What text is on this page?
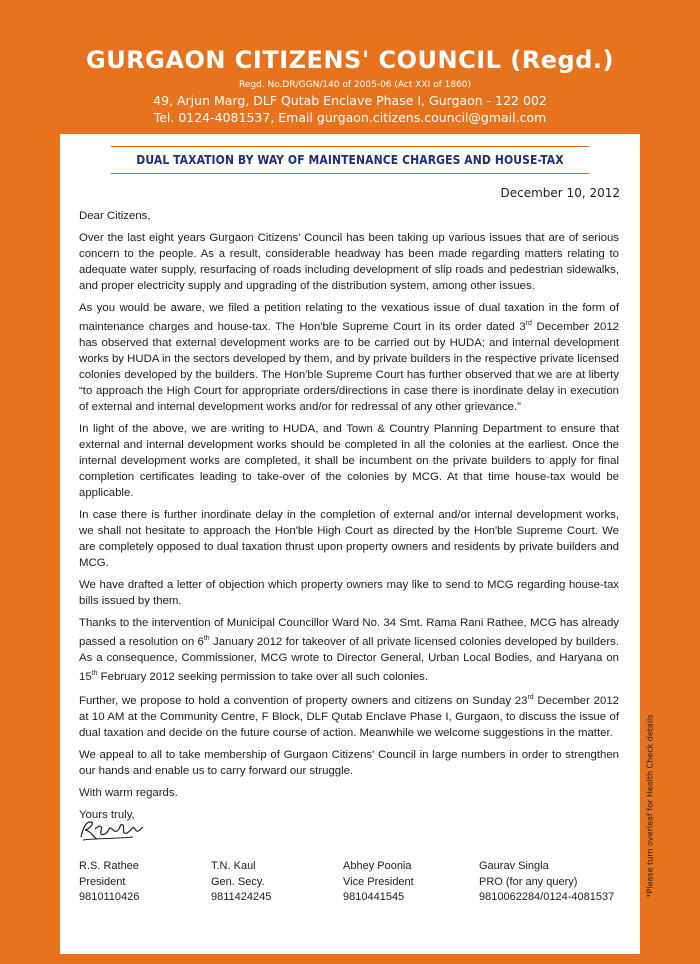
GURGAON CITIZENS' COUNCIL (Regd.)
Regd. No.DR/GGN/140 of 2005-06 (Act XXI of 1860)
49, Arjun Marg, DLF Qutab Enclave Phase I, Gurgaon - 122 002
Tel. 0124-4081537, Email gurgaon.citizens.council@gmail.com
DUAL TAXATION BY WAY OF MAINTENANCE CHARGES AND HOUSE-TAX
December 10, 2012

Dear Citizens,

Over the last eight years Gurgaon Citizens' Council has been taking up various issues that are of serious concern to the people. As a result, considerable headway has been made regarding matters relating to adequate water supply, resurfacing of roads including development of slip roads and pedestrian sidewalks, and proper electricity supply and upgrading of the distribution system, among other issues.

As you would be aware, we filed a petition relating to the vexatious issue of dual taxation in the form of maintenance charges and house-tax. The Hon'ble Supreme Court in its order dated 3rd December 2012 has observed that external development works are to be carried out by HUDA; and internal development works by HUDA in the sectors developed by them, and by private builders in the respective private licensed colonies developed by the builders. The Hon'ble Supreme Court has further observed that we are at liberty “to approach the High Court for appropriate orders/directions in case there is inordinate delay in execution of external and internal development works and/or for redressal of any other grievance.”

In light of the above, we are writing to HUDA, and Town & Country Planning Department to ensure that external and internal development works should be completed in all the colonies at the earliest. Once the internal development works are completed, it shall be incumbent on the private builders to apply for final completion certificates leading to take-over of the colonies by MCG. At that time house-tax would be applicable.

In case there is further inordinate delay in the completion of external and/or internal development works, we shall not hesitate to approach the Hon'ble High Court as directed by the Hon'ble Supreme Court. We are completely opposed to dual taxation thrust upon property owners and residents by private builders and MCG.

We have drafted a letter of objection which property owners may like to send to MCG regarding house-tax bills issued by them.

Thanks to the intervention of Municipal Councillor Ward No. 34 Smt. Rama Rani Rathee, MCG has already passed a resolution on 6th January 2012 for takeover of all private licensed colonies developed by builders. As a consequence, Commissioner, MCG wrote to Director General, Urban Local Bodies, and Haryana on 15th February 2012 seeking permission to take over all such colonies.

Further, we propose to hold a convention of property owners and citizens on Sunday 23rd December 2012 at 10 AM at the Community Centre, F Block, DLF Qutab Enclave Phase I, Gurgaon, to discuss the issue of dual taxation and decide on the future course of action. Meanwhile we welcome suggestions in the matter.

We appeal to all to take membership of Gurgaon Citizens' Council in large numbers in order to strengthen our hands and enable us to carry forward our struggle.

With warm regards.

Yours truly,

R.S. Rathee
President
9810110426
T.N. Kaul
Gen. Secy.
9811424245
Abhey Poonia
Vice President
9810441545
Gaurav Singla
PRO (for any query)
9810062284/0124-4081537	*Please turn overleaf for Health Check details
